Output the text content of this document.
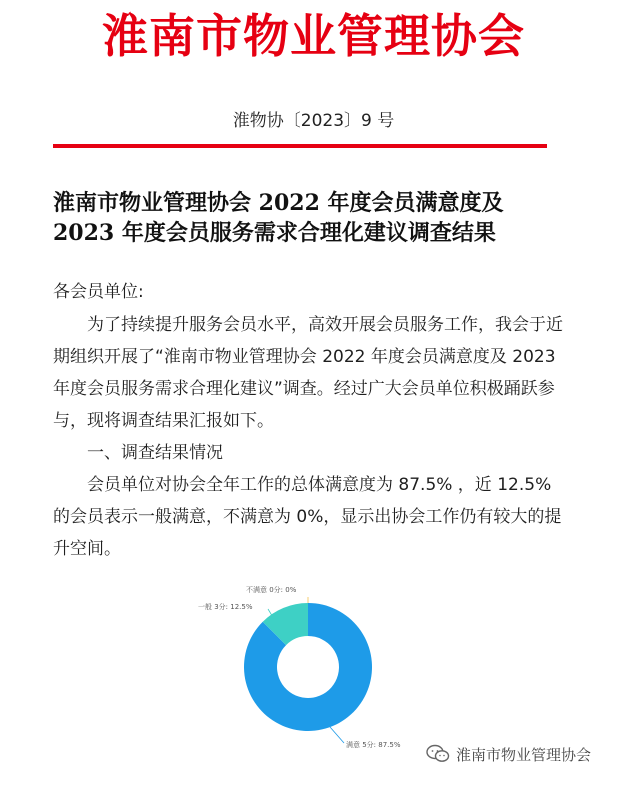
淮南市物业管理协会
淮物协〔2023〕9 号
淮南市物业管理协会 2022 年度会员满意度及
2023 年度会员服务需求合理化建议调查结果

各会员单位:

为了持续提升服务会员水平，高效开展会员服务工作，我会于近期组织开展了“淮南市物业管理协会 2022 年度会员满意度及 2023 年度会员服务需求合理化建议”调查。经过广大会员单位积极踊跃参与，现将调查结果汇报如下。

一、调查结果情况

会员单位对协会全年工作的总体满意度为 87.5% ，近 12.5%的会员表示一般满意，不满意为 0%，显示出协会工作仍有较大的提升空间。

不满意 0分: 0%
一般 3分: 12.5%
满意 5分: 87.5%
淮南市物业管理协会
